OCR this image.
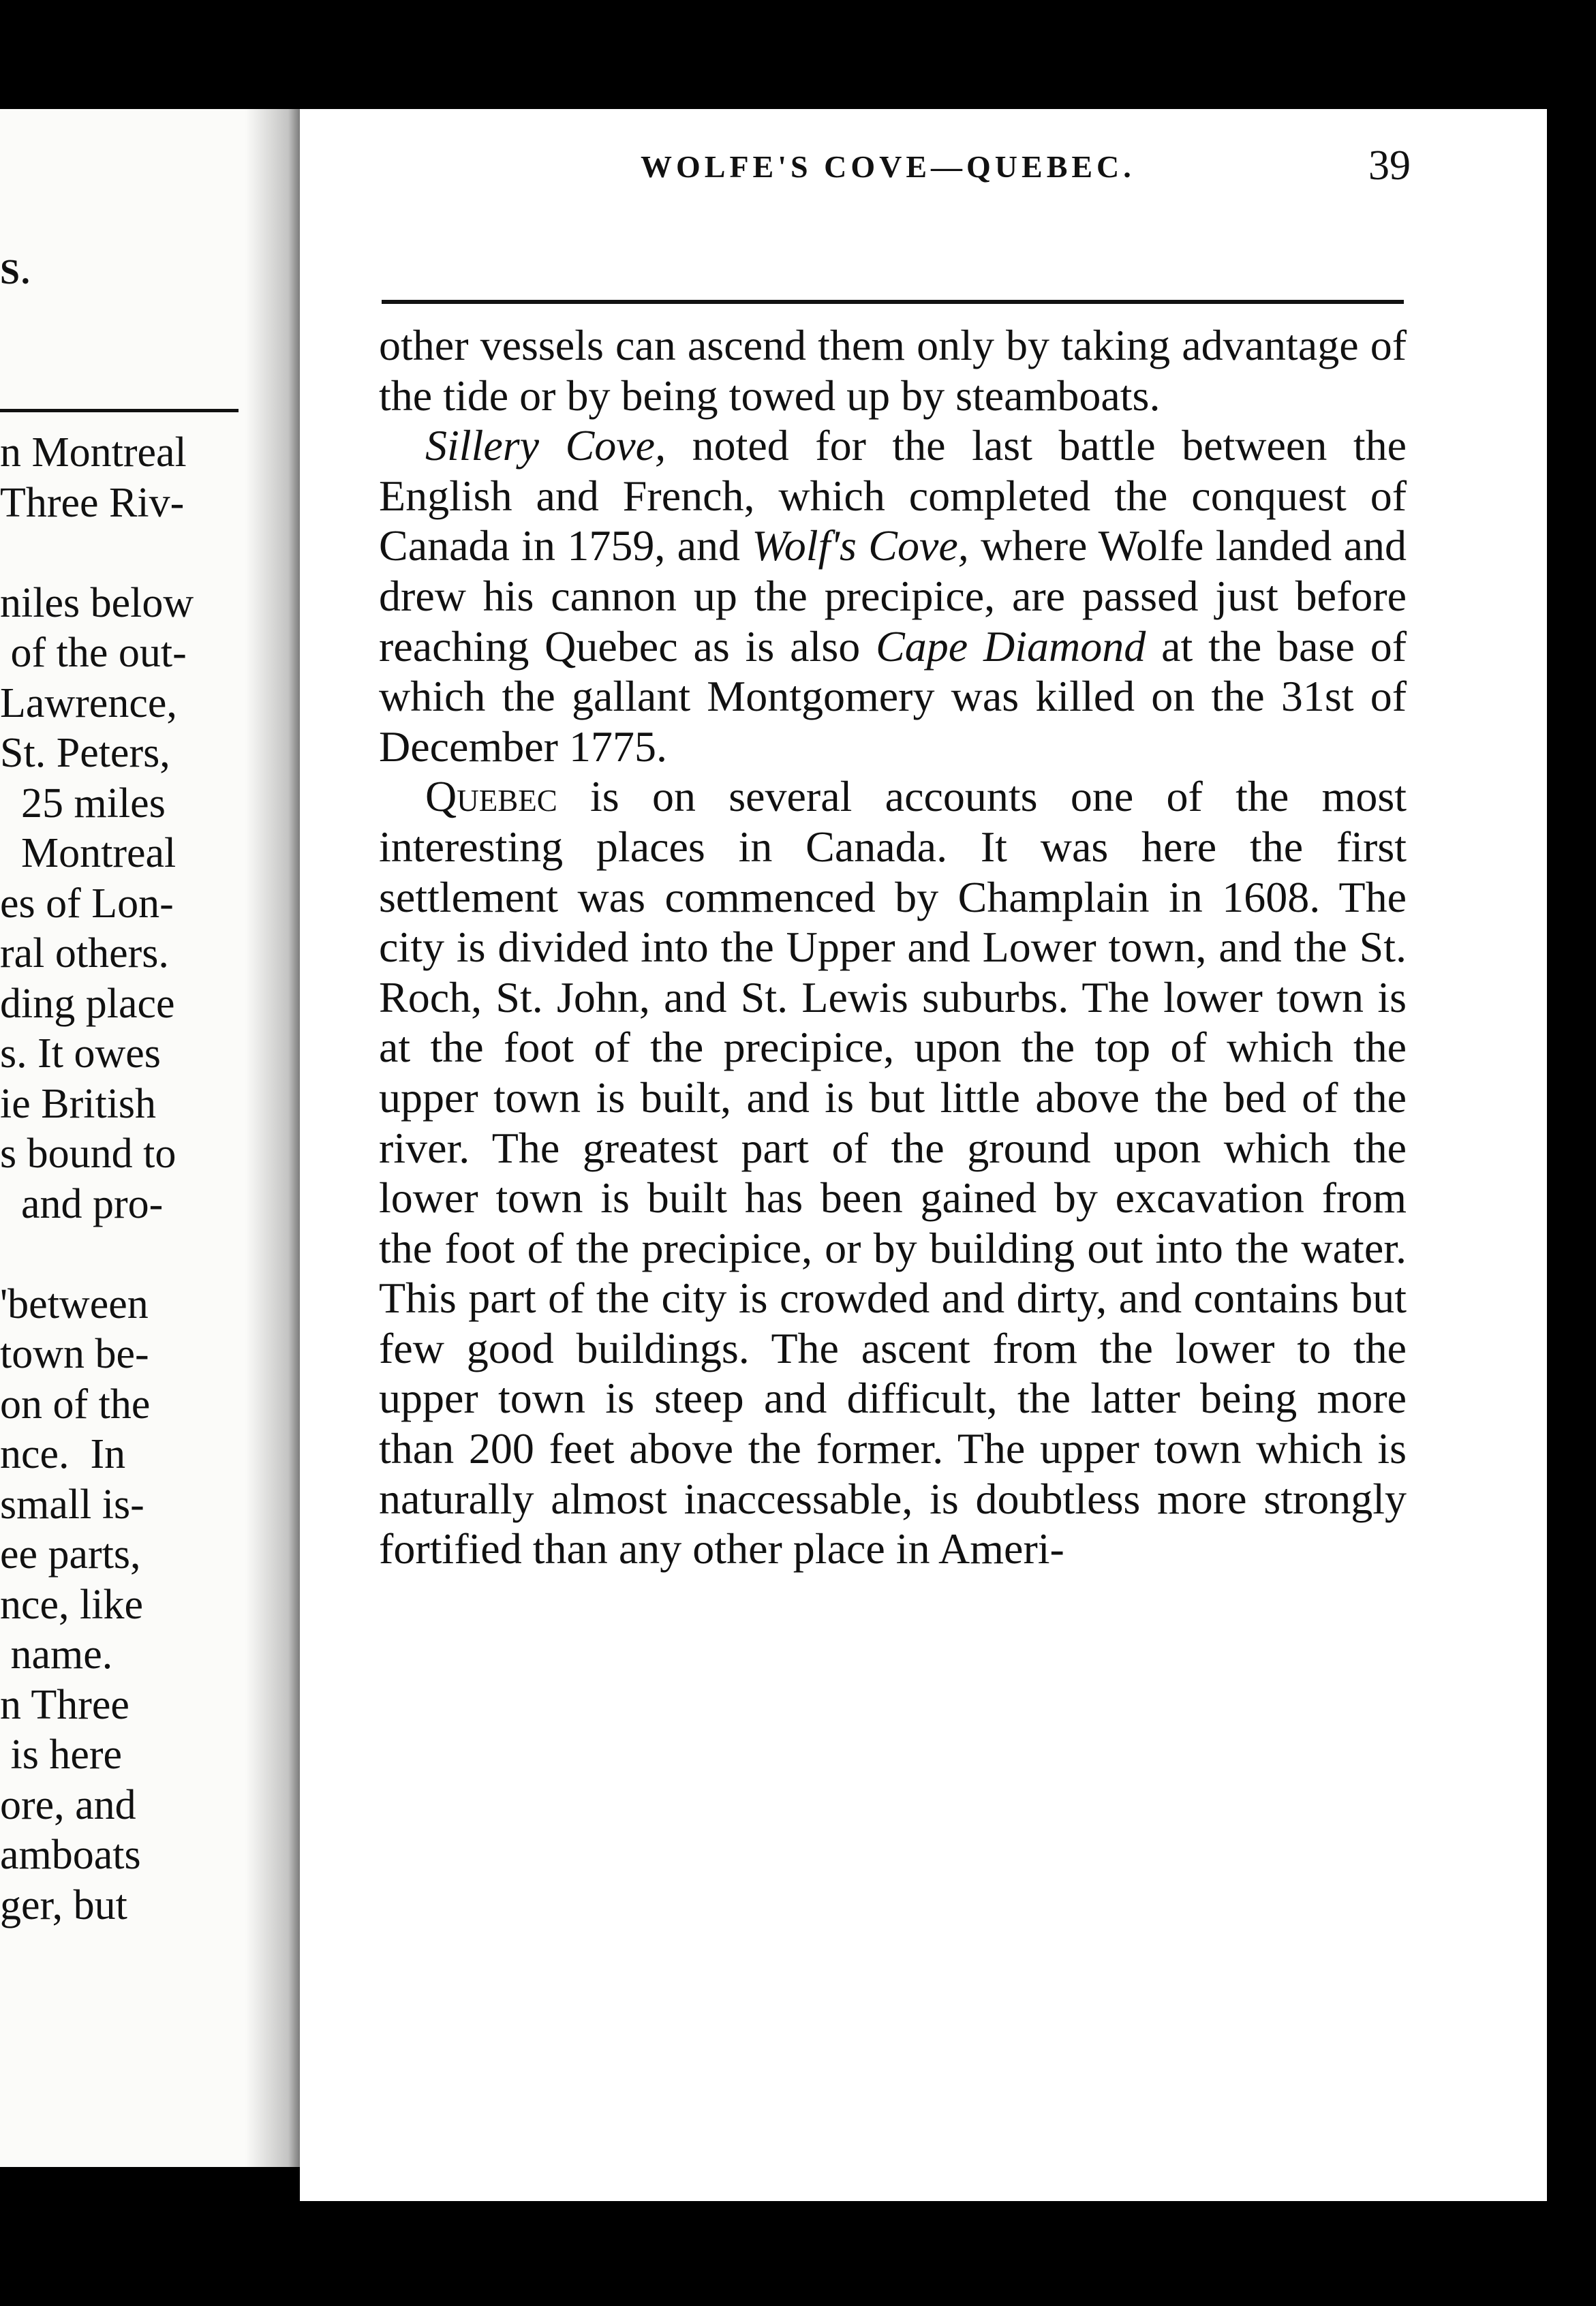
S.
n Montreal
Three Riv-
niles below
of the out-
Lawrence,
St. Peters,
25 miles
Montreal
es of Lon-
ral others.
ding place
s. It owes
ie British
s bound to
and pro-
'between
town be-
on of the
nce.  In
small is-
ee parts,
nce, like
name.
n Three
is here
ore, and
amboats
ger, but
WOLFE'S COVE—QUEBEC.	39

other vessels can ascend them only by taking advantage of the tide or by being towed up by steamboats.

Sillery Cove, noted for the last battle between the English and French, which completed the conquest of Canada in 1759, and Wolf's Cove, where Wolfe landed and drew his cannon up the precipice, are passed just before reaching Quebec as is also Cape Diamond at the base of which the gallant Montgomery was killed on the 31st of December 1775.

Quebec is on several accounts one of the most interesting places in Canada. It was here the first settlement was commenced by Champlain in 1608. The city is divided into the Upper and Lower town, and the St. Roch, St. John, and St. Lewis suburbs. The lower town is at the foot of the precipice, upon the top of which the upper town is built, and is but little above the bed of the river. The greatest part of the ground upon which the lower town is built has been gained by excavation from the foot of the precipice, or by building out into the water. This part of the city is crowded and dirty, and contains but few good buildings. The ascent from the lower to the upper town is steep and difficult, the latter being more than 200 feet above the former. The upper town which is naturally almost inaccessable, is doubtless more strongly fortified than any other place in Ameri-
